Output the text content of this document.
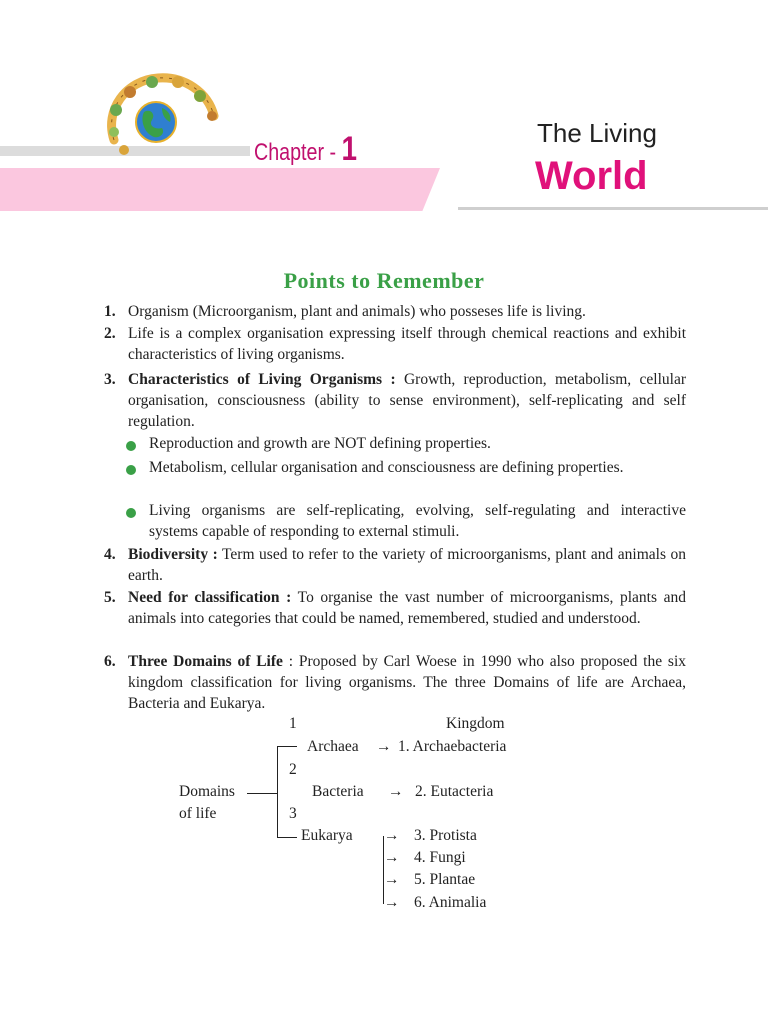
Chapter - 1	The Living
World
Points to Remember
1. Organism (Microorganism, plant and animals) who posseses life is living.
2. Life is a complex organisation expressing itself through chemical reactions and exhibit characteristics of living organisms.
3. Characteristics of Living Organisms : Growth, reproduction, metabolism, cellular organisation, consciousness (ability to sense environment), self-replicating and self regulation.
Reproduction and growth are NOT defining properties.
Metabolism, cellular organisation and consciousness are defining properties.
Living organisms are self-replicating, evolving, self-regulating and interactive systems capable of responding to external stimuli.
4. Biodiversity : Term used to refer to the variety of microorganisms, plant and animals on earth.
5. Need for classification : To organise the vast number of microorganisms, plants and animals into categories that could be named, remembered, studied and understood.
6. Three Domains of Life : Proposed by Carl Woese in 1990 who also proposed the six kingdom classification for living organisms. The three Domains of life are Archaea, Bacteria and Eukarya.
Domains
of life
1
2
3
Kingdom
Archaea
Bacteria
Eukarya
→
→
1. Archaebacteria
2. Eutacteria
→
→
→
→
3. Protista
4. Fungi
5. Plantae
6. Animalia
